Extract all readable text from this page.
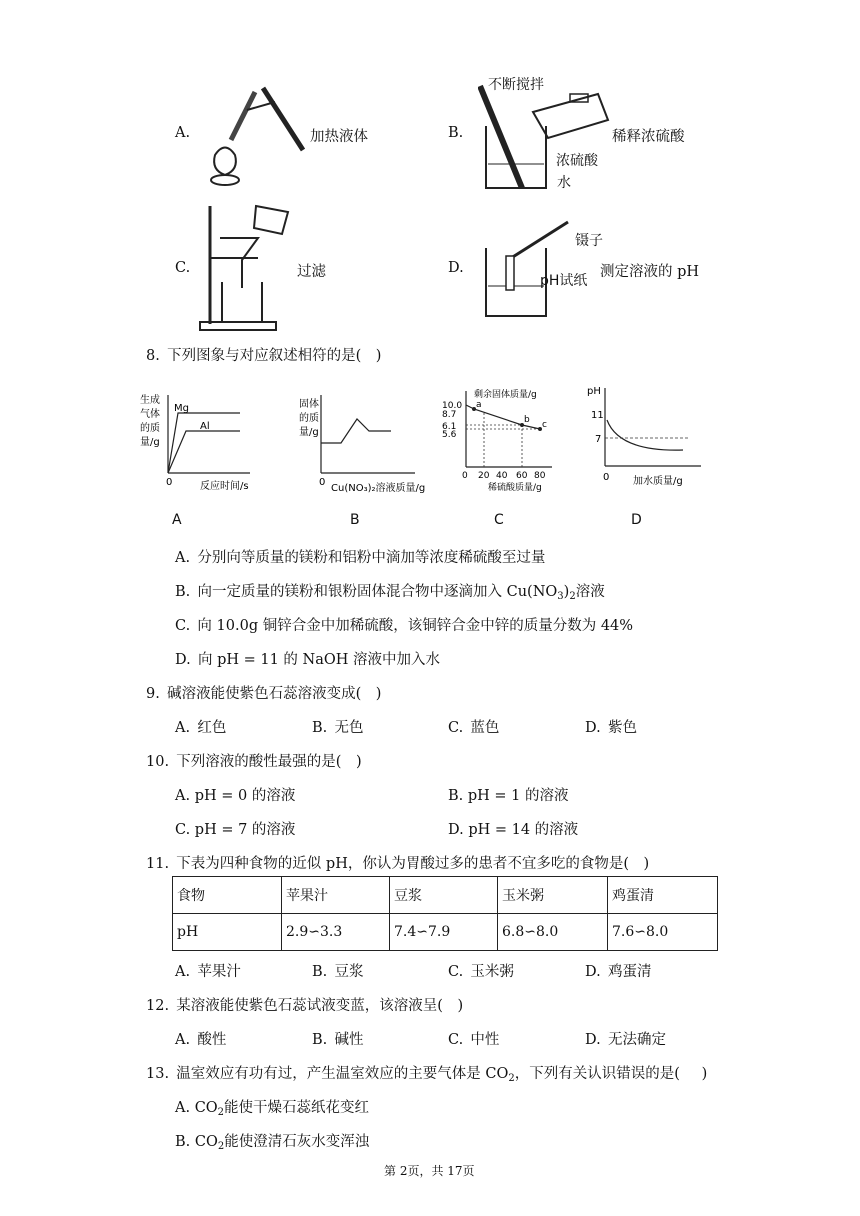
A.	加热液体	B.
不断搅拌
浓硫酸
水
稀释浓硫酸
C.	过滤	D.
镊子
pH试纸
测定溶液的 pH
8. 下列图象与对应叙述相符的是(  )
生成
气体
的质
量/g
Mg
Al
0	反应时间/s
A
固体
的质
量/g
0
Cu(NO₃)₂溶液质量/g
B
10.0
8.7
6.1
5.6
剩余固体质量/g
a
b c
0 20 40 60 80
稀硫酸质量/g
C
pH
11
7
0 加水质量/g
D
A. 分别向等质量的镁粉和铝粉中滴加等浓度稀硫酸至过量
B. 向一定质量的镁粉和银粉固体混合物中逐滴加入 $Cu(NO_3)_2$溶液
C. 向 10.0g 铜锌合金中加稀硫酸，该铜锌合金中锌的质量分数为 44%
D. 向 pH = 11 的 NaOH 溶液中加入水
9. 碱溶液能使紫色石蕊溶液变成(  )
A. 红色	B. 无色	C. 蓝色	D. 紫色
10. 下列溶液的酸性最强的是(  )
A. pH = 0 的溶液	B. pH = 1 的溶液
C. pH = 7 的溶液	D. pH = 14 的溶液
11. 下表为四种食物的近似 pH，你认为胃酸过多的患者不宜多吃的食物是(  )
食物	苹果汁	豆浆	玉米粥	鸡蛋清
pH	2.9∽3.3	7.4∽7.9	6.8∽8.0	7.6∽8.0
A. 苹果汁	B. 豆浆	C. 玉米粥	D. 鸡蛋清
12. 某溶液能使紫色石蕊试液变蓝，该溶液呈(  )
A. 酸性	B. 碱性	C. 中性	D. 无法确定
13. 温室效应有功有过，产生温室效应的主要气体是 $CO_2$，下列有关认识错误的是(   )
A. $CO_2$能使干燥石蕊纸花变红
B. $CO_2$能使澄清石灰水变浑浊
第 2页，共 17页
